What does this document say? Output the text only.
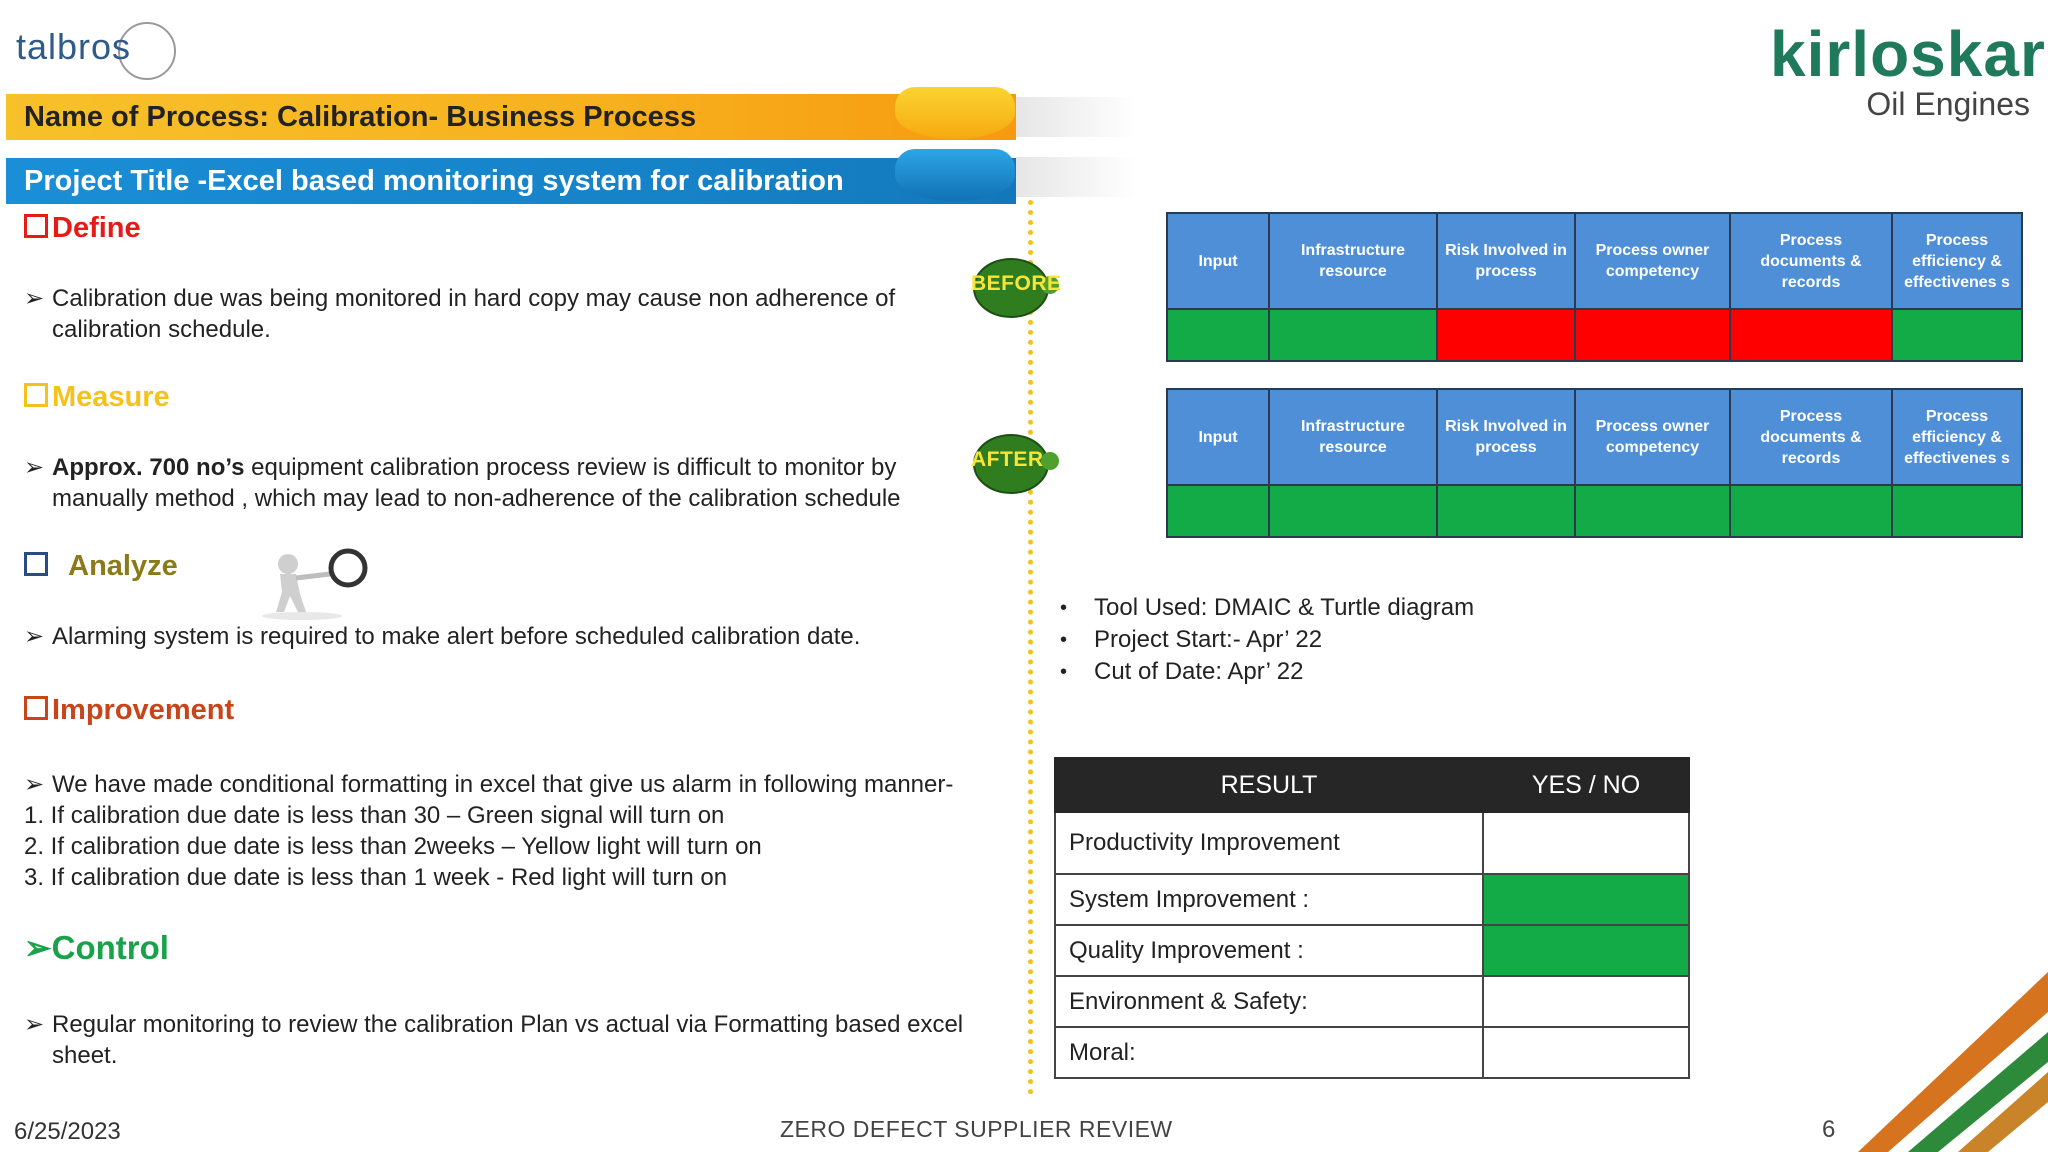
talbros	kirloskar
Oil Engines
Name of Process: Calibration- Business Process
Project Title -Excel based monitoring system for calibration
Define
➢ Calibration due was being monitored in hard copy may cause non adherence of
calibration schedule.
Measure
➢ Approx. 700 no’s equipment calibration process review is difficult to monitor by
manually method , which may lead to non-adherence of the calibration schedule
Analyze
➢ Alarming system is required to make alert before scheduled calibration date.
Improvement
➢ We have made conditional formatting in excel that give us alarm in following manner-
1. If calibration due date is less than 30 – Green signal will turn on
2. If calibration due date is less than 2weeks – Yellow light will turn on
3. If calibration due date is less than 1 week - Red light will turn on
➢Control
➢ Regular monitoring to review the calibration Plan vs actual via Formatting based excel
sheet.
BEFORE
AFTER
Input	Infrastructure resource	Risk Involved in process	Process owner competency	Process documents & records	Process efficiency & effectivenes s

Input	Infrastructure resource	Risk Involved in process	Process owner competency	Process documents & records	Process efficiency & effectivenes s

• Tool Used: DMAIC & Turtle diagram
• Project Start:- Apr’ 22
• Cut of Date: Apr’ 22
RESULT	YES / NO
Productivity Improvement	
System Improvement :	
Quality Improvement :	
Environment & Safety:	
Moral:	
6/25/2023	ZERO DEFECT SUPPLIER REVIEW	6
